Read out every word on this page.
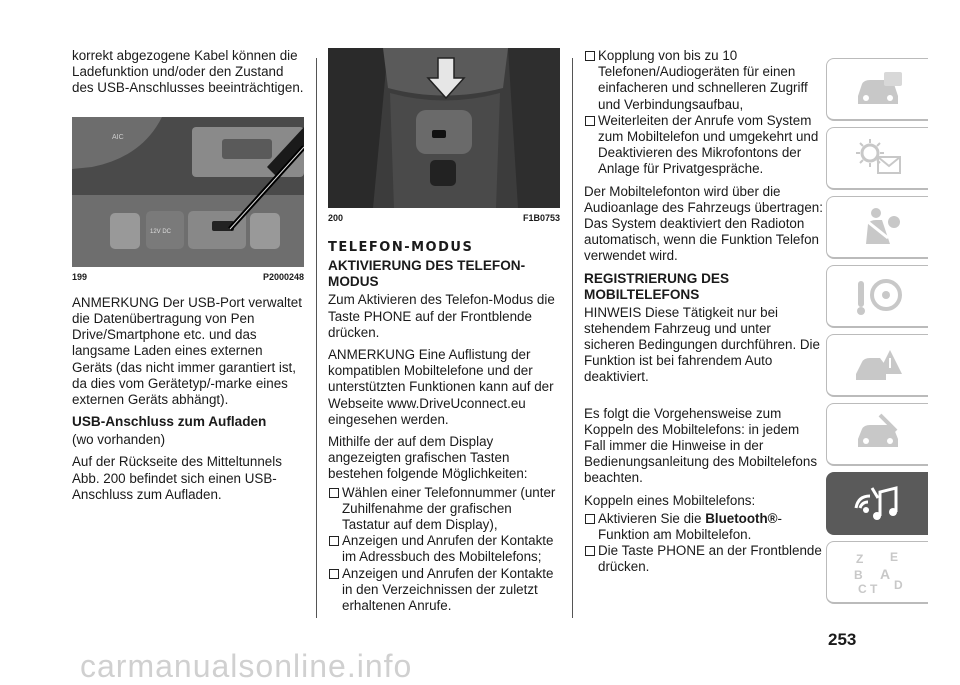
korrekt abgezogene Kabel können die Ladefunktion und/oder den Zustand des USB-Anschlusses beeinträchtigen.

AIC
12V DC
199	P2000248

ANMERKUNG Der USB-Port verwaltet die Datenübertragung von Pen Drive/Smartphone etc. und das langsame Laden eines externen Geräts (das nicht immer garantiert ist, da dies vom Gerätetyp/-marke eines externen Geräts abhängt).

USB-Anschluss zum Aufladen

(wo vorhanden)

Auf der Rückseite des Mitteltunnels Abb. 200 befindet sich einen USB-Anschluss zum Aufladen.

200	F1B0753
TELEFON-MODUS
AKTIVIERUNG DES TELEFON-MODUS

Zum Aktivieren des Telefon-Modus die Taste PHONE auf der Frontblende drücken.

ANMERKUNG Eine Auflistung der kompatiblen Mobiltelefone und der unterstützten Funktionen kann auf der Webseite www.DriveUconnect.eu eingesehen werden.

Mithilfe der auf dem Display angezeigten grafischen Tasten bestehen folgende Möglichkeiten:

Wählen einer Telefonnummer (unter Zuhilfenahme der grafischen Tastatur auf dem Display),
Anzeigen und Anrufen der Kontakte im Adressbuch des Mobiltelefons;
Anzeigen und Anrufen der Kontakte in den Verzeichnissen der zuletzt erhaltenen Anrufe.
Kopplung von bis zu 10 Telefonen/Audiogeräten für einen einfacheren und schnelleren Zugriff und Verbindungsaufbau,
Weiterleiten der Anrufe vom System zum Mobiltelefon und umgekehrt und Deaktivieren des Mikrofontons der Anlage für Privatgespräche.

Der Mobiltelefonton wird über die Audioanlage des Fahrzeugs übertragen: Das System deaktiviert den Radioton automatisch, wenn die Funktion Telefon verwendet wird.

REGISTRIERUNG DES MOBILTELEFONS

HINWEIS Diese Tätigkeit nur bei stehendem Fahrzeug und unter sicheren Bedingungen durchführen. Die Funktion ist bei fahrendem Auto deaktiviert.

Es folgt die Vorgehensweise zum Koppeln des Mobiltelefons: in jedem Fall immer die Hinweise in der Bedienungsanleitung des Mobiltelefons beachten.

Koppeln eines Mobiltelefons:

Aktivieren Sie die Bluetooth®-Funktion am Mobiltelefon.
Die Taste PHONE an der Frontblende drücken.
Z E
B A
C D
T
253
carmanualsonline.info
